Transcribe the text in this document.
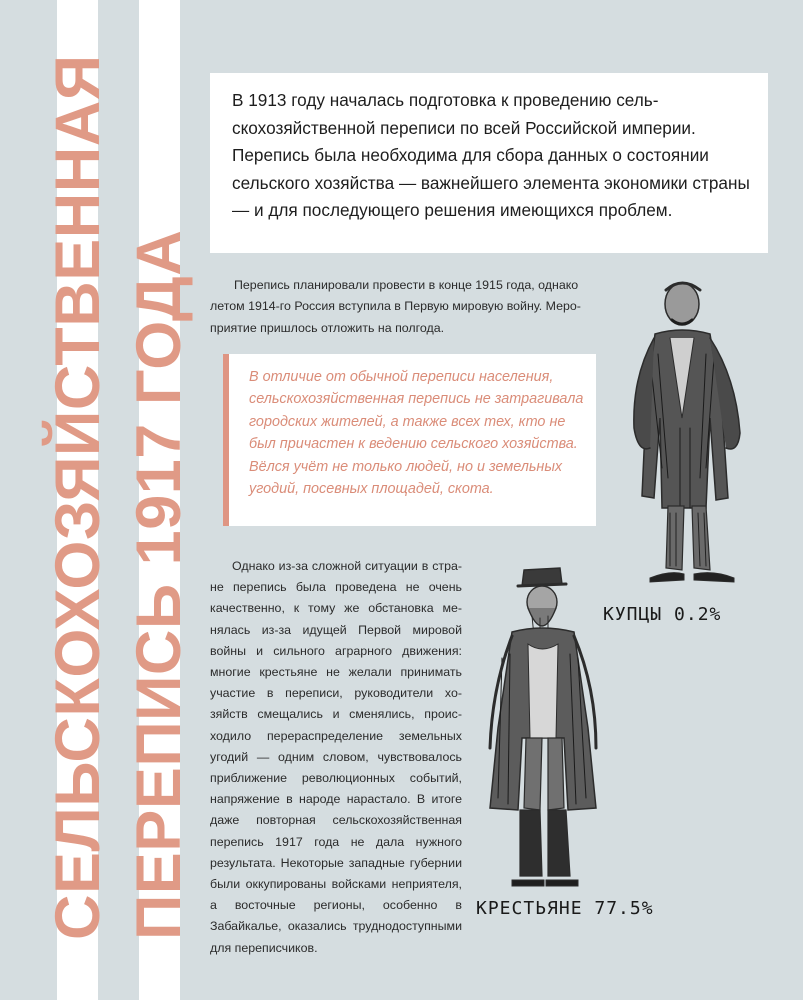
СЕЛЬСКОХОЗЯЙСТВЕННАЯ ПЕРЕПИСЬ 1917 ГОДА

В 1913 году началась подготовка к проведению сельскохозяйственной переписи по всей Российской империи. Перепись была необходима для сбора данных о состоянии сельского хозяйства — важнейшего элемента экономики страны — и для последующего решения имеющихся проблем.

Перепись планировали провести в конце 1915 года, однако летом 1914-го Россия вступила в Первую мировую войну. Мероприятие пришлось отложить на полгода.

В отличие от обычной переписи населения, сельскохозяйственная перепись не затрагивала городских жителей, а также всех тех, кто не был причастен к ведению сельского хозяйства. Вёлся учёт не только людей, но и земельных угодий, посевных площадей, скота.

Однако из-за сложной ситуации в стране перепись была проведена не очень качественно, к тому же обстановка менялась из-за идущей Первой мировой войны и сильного аграрного движения: многие крестьяне не желали принимать участие в переписи, руководители хозяйств смещались и сменялись, происходило перераспределение земельных угодий — одним словом, чувствовалось приближение революционных событий, напряжение в народе нарастало. В итоге даже повторная сельскохозяйственная перепись 1917 года не дала нужного результата. Некоторые западные губернии были оккупированы войсками неприятеля, а восточные регионы, особенно в Забайкалье, оказались труднодоступными для переписчиков.

КУПЦЫ 0.2%

КРЕСТЬЯНЕ 77.5%
